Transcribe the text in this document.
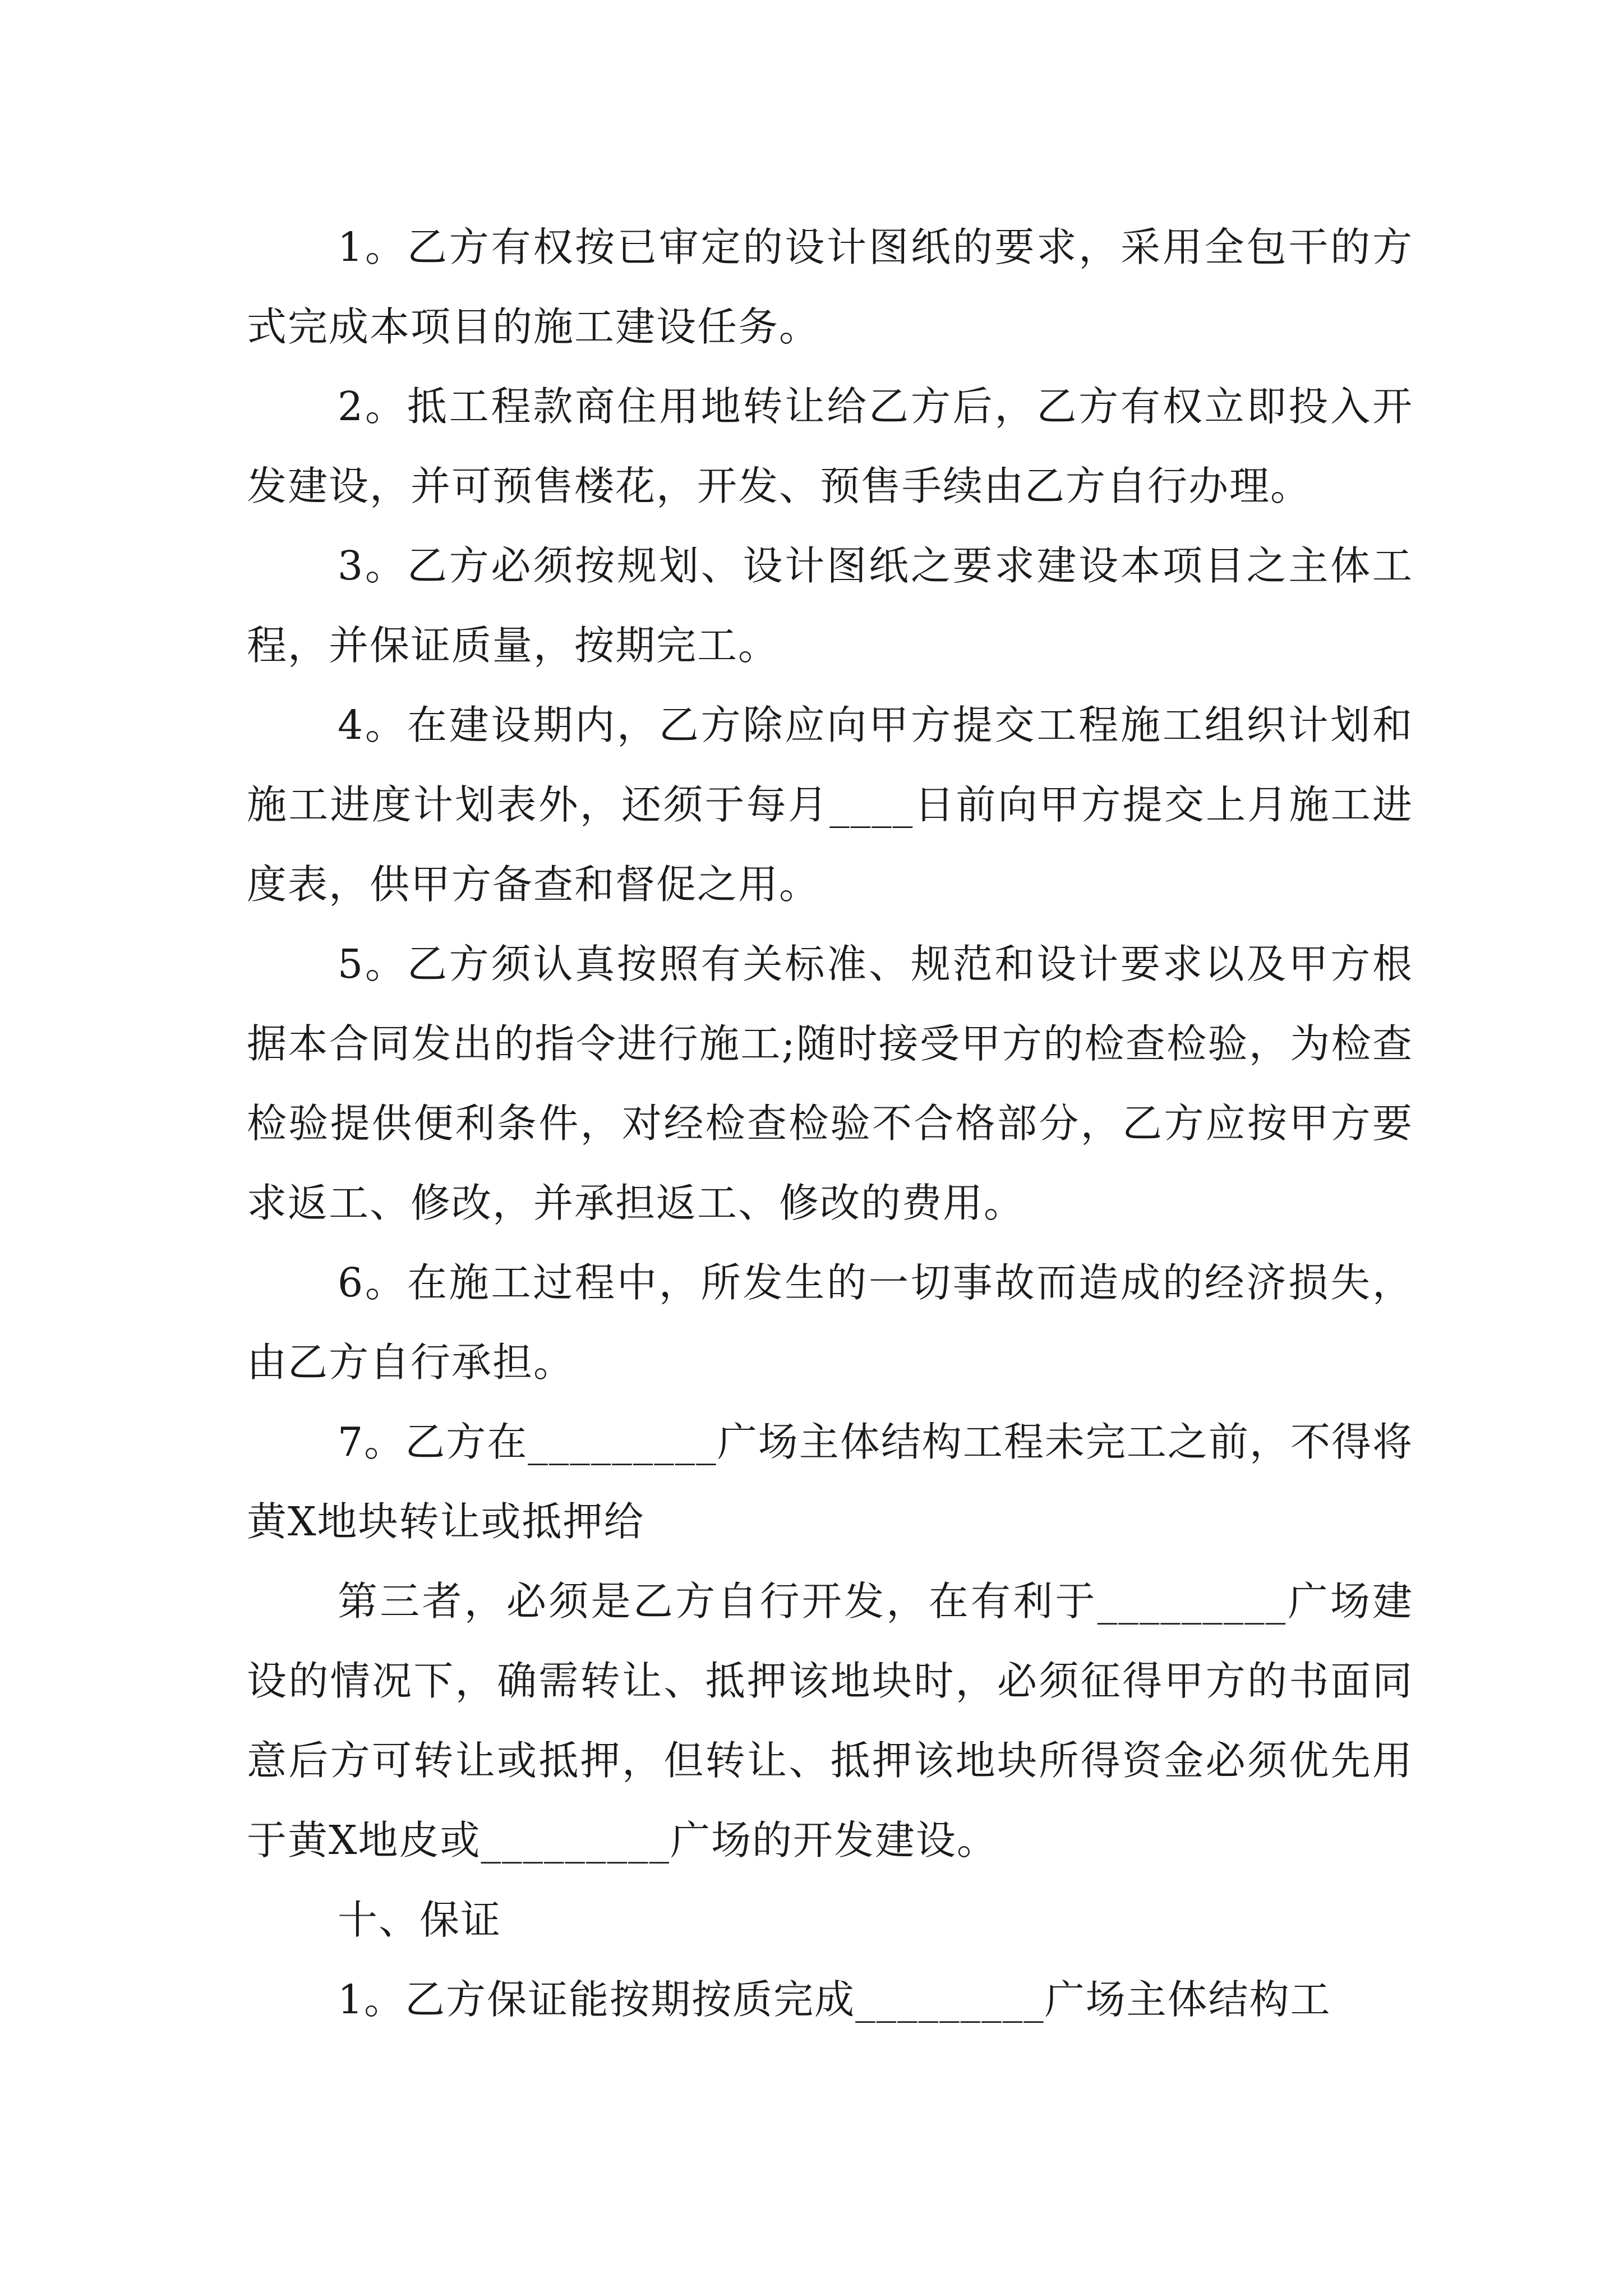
1。乙方有权按已审定的设计图纸的要求，采用全包干的方式完成本项目的施工建设任务。

2。抵工程款商住用地转让给乙方后，乙方有权立即投入开发建设，并可预售楼花，开发、预售手续由乙方自行办理。

3。乙方必须按规划、设计图纸之要求建设本项目之主体工程，并保证质量，按期完工。

4。在建设期内，乙方除应向甲方提交工程施工组织计划和施工进度计划表外，还须于每月____日前向甲方提交上月施工进度表，供甲方备查和督促之用。

5。乙方须认真按照有关标准、规范和设计要求以及甲方根据本合同发出的指令进行施工;随时接受甲方的检查检验，为检查检验提供便利条件，对经检查检验不合格部分，乙方应按甲方要求返工、修改，并承担返工、修改的费用。

6。在施工过程中，所发生的一切事故而造成的经济损失，由乙方自行承担。

7。乙方在_________广场主体结构工程未完工之前，不得将黄X地块转让或抵押给

第三者，必须是乙方自行开发，在有利于_________广场建设的情况下，确需转让、抵押该地块时，必须征得甲方的书面同意后方可转让或抵押，但转让、抵押该地块所得资金必须优先用于黄X地皮或_________广场的开发建设。

十、保证

1。乙方保证能按期按质完成_________广场主体结构工
